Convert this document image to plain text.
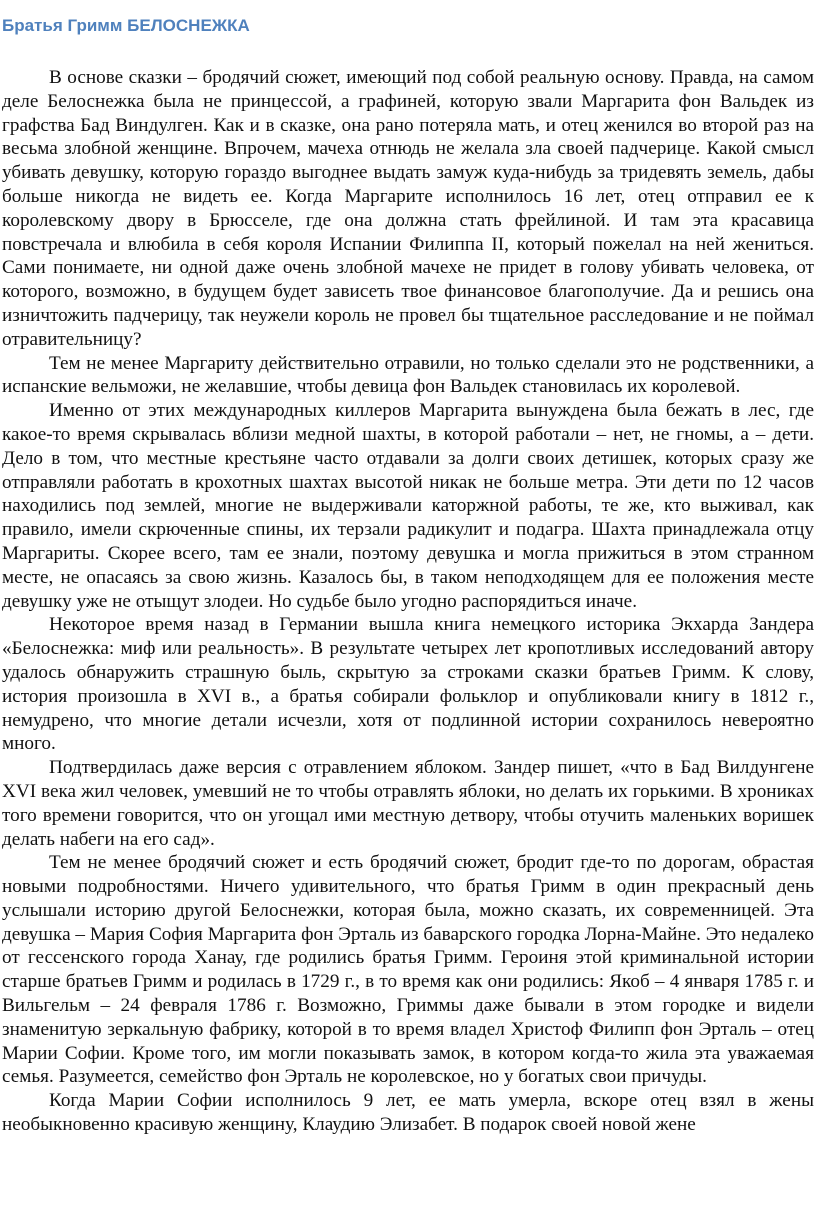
Братья Гримм БЕЛОСНЕЖКА

В основе сказки – бродячий сюжет, имеющий под собой реальную основу. Правда, на самом деле Белоснежка была не принцессой, а графиней, которую звали Маргарита фон Вальдек из графства Бад Виндулген. Как и в сказке, она рано потеряла мать, и отец женился во второй раз на весьма злобной женщине. Впрочем, мачеха отнюдь не желала зла своей падчерице. Какой смысл убивать девушку, которую гораздо выгоднее выдать замуж куда-нибудь за тридевять земель, дабы больше никогда не видеть ее. Когда Маргарите исполнилось 16 лет, отец отправил ее к королевскому двору в Брюсселе, где она должна стать фрейлиной. И там эта красавица повстречала и влюбила в себя короля Испании Филиппа II, который пожелал на ней жениться. Сами понимаете, ни одной даже очень злобной мачехе не придет в голову убивать человека, от которого, возможно, в будущем будет зависеть твое финансовое благополучие. Да и решись она изничтожить падчерицу, так неужели король не провел бы тщательное расследование и не поймал отравительницу?

Тем не менее Маргариту действительно отравили, но только сделали это не родственники, а испанские вельможи, не желавшие, чтобы девица фон Вальдек становилась их королевой.

Именно от этих международных киллеров Маргарита вынуждена была бежать в лес, где какое-то время скрывалась вблизи медной шахты, в которой работали – нет, не гномы, а – дети. Дело в том, что местные крестьяне часто отдавали за долги своих детишек, которых сразу же отправляли работать в крохотных шахтах высотой никак не больше метра. Эти дети по 12 часов находились под землей, многие не выдерживали каторжной работы, те же, кто выживал, как правило, имели скрюченные спины, их терзали радикулит и подагра. Шахта принадлежала отцу Маргариты. Скорее всего, там ее знали, поэтому девушка и могла прижиться в этом странном месте, не опасаясь за свою жизнь. Казалось бы, в таком неподходящем для ее положения месте девушку уже не отыщут злодеи. Но судьбе было угодно распорядиться иначе.

Некоторое время назад в Германии вышла книга немецкого историка Экхарда Зандера «Белоснежка: миф или реальность». В результате четырех лет кропотливых исследований автору удалось обнаружить страшную быль, скрытую за строками сказки братьев Гримм. К слову, история произошла в XVI в., а братья собирали фольклор и опубликовали книгу в 1812 г., немудрено, что многие детали исчезли, хотя от подлинной истории сохранилось невероятно много.

Подтвердилась даже версия с отравлением яблоком. Зандер пишет, «что в Бад Вилдунгене XVI века жил человек, умевший не то чтобы отравлять яблоки, но делать их горькими. В хрониках того времени говорится, что он угощал ими местную детвору, чтобы отучить маленьких воришек делать набеги на его сад».

Тем не менее бродячий сюжет и есть бродячий сюжет, бродит где-то по дорогам, обрастая новыми подробностями. Ничего удивительного, что братья Гримм в один прекрасный день услышали историю другой Белоснежки, которая была, можно сказать, их современницей. Эта девушка – Мария София Маргарита фон Эрталь из баварского городка Лорна-Майне. Это недалеко от гессенского города Ханау, где родились братья Гримм. Героиня этой криминальной истории старше братьев Гримм и родилась в 1729 г., в то время как они родились: Якоб – 4 января 1785 г. и Вильгельм – 24 февраля 1786 г. Возможно, Гриммы даже бывали в этом городке и видели знаменитую зеркальную фабрику, которой в то время владел Христоф Филипп фон Эрталь – отец Марии Софии. Кроме того, им могли показывать замок, в котором когда-то жила эта уважаемая семья. Разумеется, семейство фон Эрталь не королевское, но у богатых свои причуды.

Когда Марии Софии исполнилось 9 лет, ее мать умерла, вскоре отец взял в жены необыкновенно красивую женщину, Клаудию Элизабет. В подарок своей новой жене
